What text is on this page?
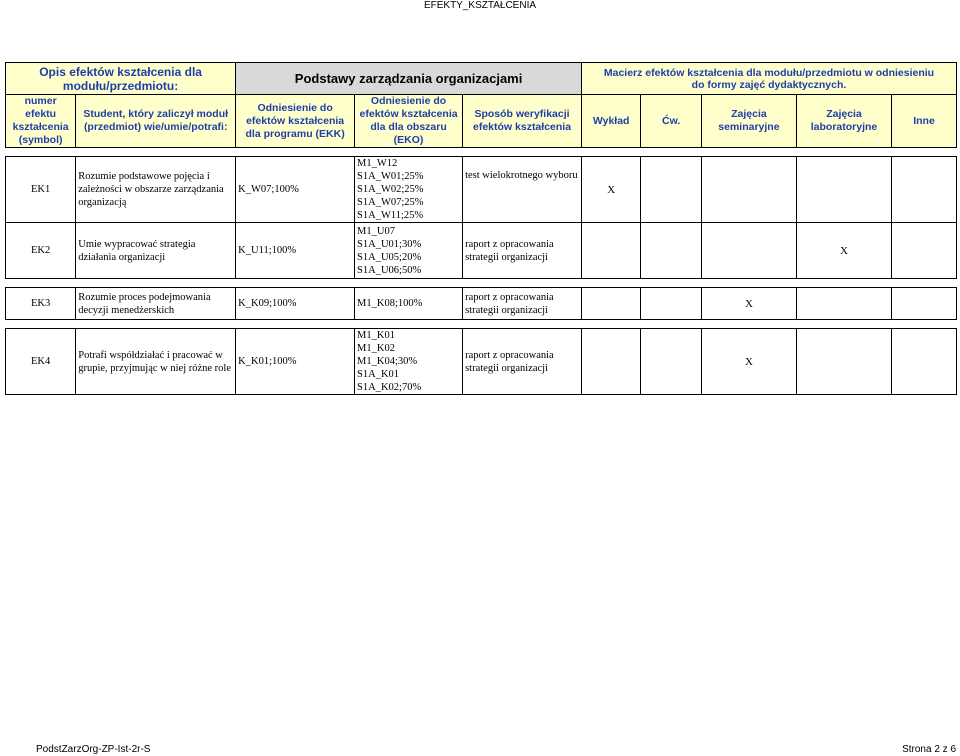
EFEKTY_KSZTAŁCENIA
Opis efektów kształcenia dla modułu/przedmiotu:		Podstawy zarządzania organizacjami			Macierz efektów kształcenia dla modułu/przedmiotu w odniesieniu do formy zajęć dydaktycznych.				
numer efektu kształcenia (symbol)	Student, który zaliczył moduł (przedmiot) wie/umie/potrafi:	Odniesienie do efektów kształcenia dla programu (EKK)	Odniesienie do efektów kształcenia dla dla obszaru (EKO)	Sposób weryfikacji efektów kształcenia	Wykład	Ćw.	Zajęcia seminaryjne	Zajęcia laboratoryjne	Inne

EK1	Rozumie podstawowe pojęcia i zależności w obszarze zarządzania organizacją	K_W07;100%	M1_W12
S1A_W01;25%
S1A_W02;25%
S1A_W07;25%
S1A_W11;25%	test wielokrotnego wyboru	X				
EK2	Umie wypracować strategia działania organizacji	K_U11;100%	M1_U07
S1A_U01;30%
S1A_U05;20%
S1A_U06;50%	raport z opracowania strategii organizacji				X	

EK3	Rozumie proces podejmowania decyzji menedżerskich	K_K09;100%	M1_K08;100%	raport z opracowania strategii organizacji			X		

EK4	Potrafi współdziałać i pracować w grupie, przyjmując w niej różne role	K_K01;100%	M1_K01
M1_K02
M1_K04;30%
S1A_K01
S1A_K02;70%	raport z opracowania strategii organizacji			X		
PodstZarzOrg-ZP-Ist-2r-S	Strona 2 z 6
